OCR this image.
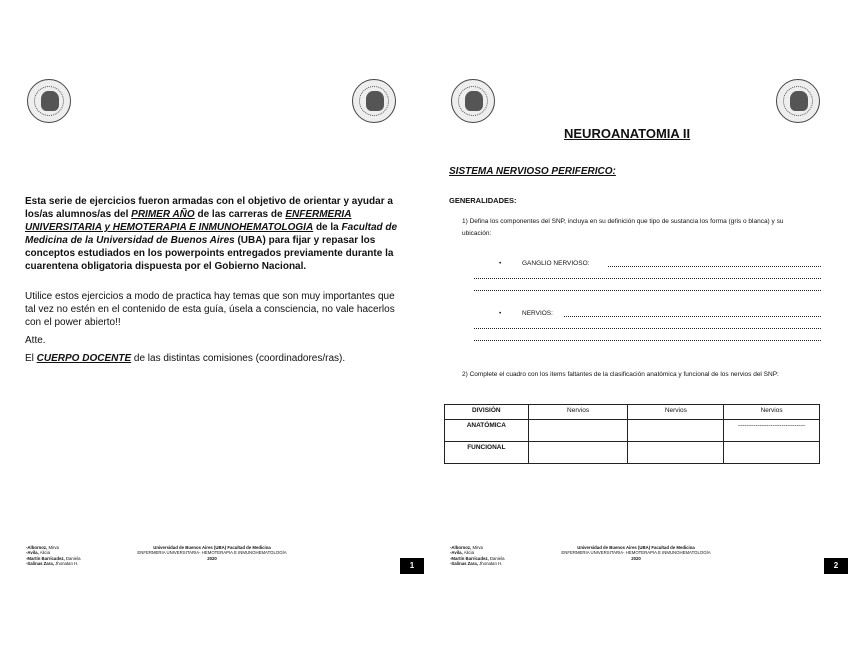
Esta serie de ejercicios fueron armadas con el objetivo de orientar y ayudar a los/as alumnos/as del PRIMER AÑO de las carreras de ENFERMERIA UNIVERSITARIA y HEMOTERAPIA E INMUNOHEMATOLOGIA de la Facultad de Medicina de la Universidad de Buenos Aires (UBA) para fijar y repasar los conceptos estudiados en los powerpoints entregados previamente durante la cuarentena obligatoria dispuesta por el Gobierno Nacional.
Utilice estos ejercicios a modo de practica hay temas que son muy importantes que tal vez no estén en el contenido de esta guía, úsela a consciencia, no vale hacerlos con el power abierto!!
Atte.
El CUERPO DOCENTE de las distintas comisiones (coordinadores/ras).
-Albornoz, Mirva
-Avila, Alicia
-Martín Barricadez, Daniela
-Salinas Zara, Jhonatan H.
Universidad de Buenos Aires (UBA) Facultad de Medicina
ENFERMERIA UNIVERSITARIA- HEMOTERAPIA E INMUNOHEMATOLOGÍA
2020
1
NEUROANATOMIA II
SISTEMA NERVIOSO PERIFERICO:
GENERALIDADES:
1) Defina los componentes del SNP, incluya en su definición que tipo de sustancia los forma (gris o blanca) y su ubicación:
•	GANGLIO NERVIOSO:
•	NERVIOS:
2) Complete el cuadro con los items faltantes de la clasificación anatómica y funcional de los nervios del SNP:
2
-Albornoz, Mirva
-Avila, Alicia
-Martín Barricadez, Daniela
-Salinas Zara, Jhonatan H.
Universidad de Buenos Aires (UBA) Facultad de Medicina
ENFERMERIA UNIVERSITARIA- HEMOTERAPIA E INMUNOHEMATOLOGÍA
2020
DIVISIÓN	Nervios	Nervios	Nervios
ANATÓMICA			-------------------------------
FUNCIONAL			
